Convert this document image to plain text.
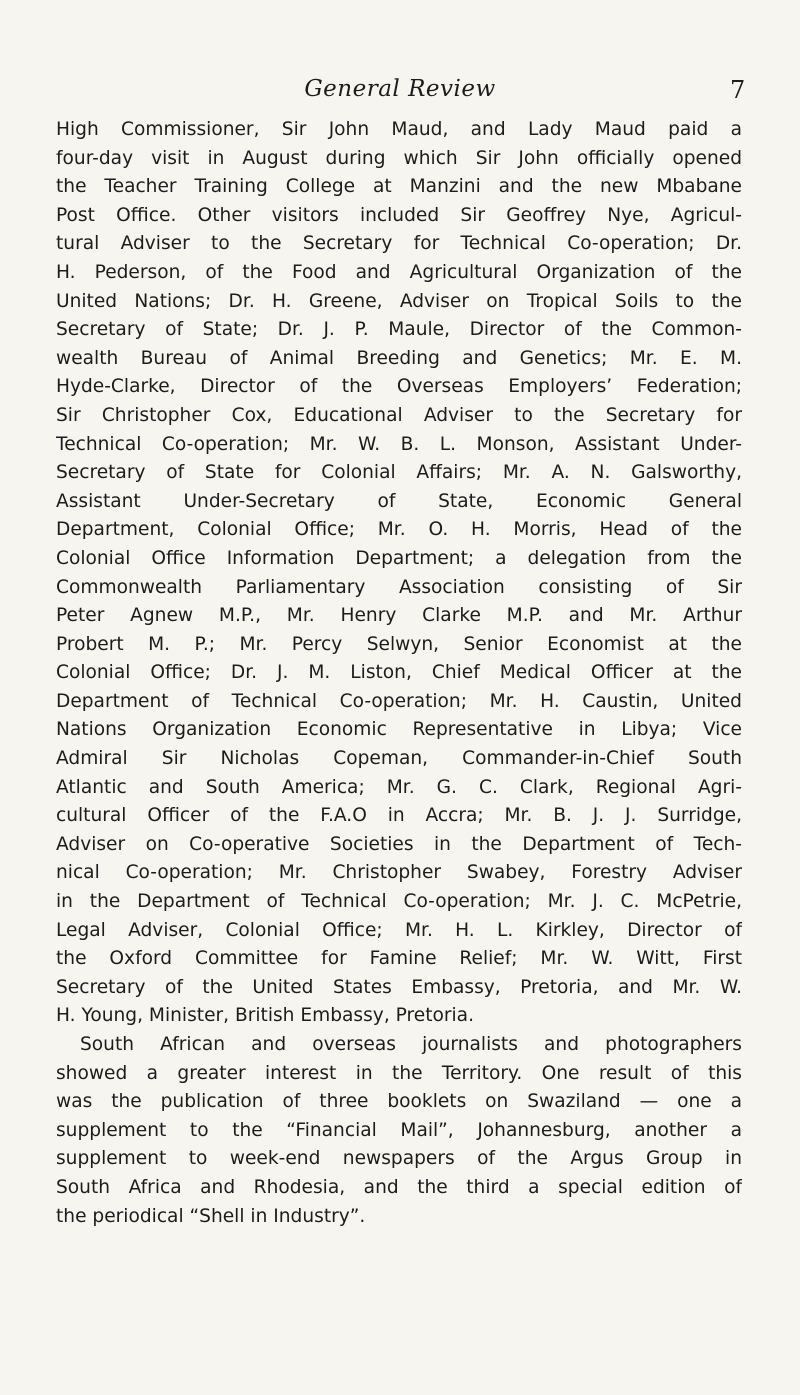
General Review	7
High Commissioner, Sir John Maud, and Lady Maud paid a
four-day visit in August during which Sir John officially opened
the Teacher Training College at Manzini and the new Mbabane
Post Office. Other visitors included Sir Geoffrey Nye, Agricul-
tural Adviser to the Secretary for Technical Co-operation; Dr.
H. Pederson, of the Food and Agricultural Organization of the
United Nations; Dr. H. Greene, Adviser on Tropical Soils to the
Secretary of State; Dr. J. P. Maule, Director of the Common-
wealth Bureau of Animal Breeding and Genetics; Mr. E. M.
Hyde-Clarke, Director of the Overseas Employers’ Federation;
Sir Christopher Cox, Educational Adviser to the Secretary for
Technical Co-operation; Mr. W. B. L. Monson, Assistant Under-
Secretary of State for Colonial Affairs; Mr. A. N. Galsworthy,
Assistant Under-Secretary of State, Economic General
Department, Colonial Office; Mr. O. H. Morris, Head of the
Colonial Office Information Department; a delegation from the
Commonwealth Parliamentary Association consisting of Sir
Peter Agnew M.P., Mr. Henry Clarke M.P. and Mr. Arthur
Probert M. P.; Mr. Percy Selwyn, Senior Economist at the
Colonial Office; Dr. J. M. Liston, Chief Medical Officer at the
Department of Technical Co-operation; Mr. H. Caustin, United
Nations Organization Economic Representative in Libya; Vice
Admiral Sir Nicholas Copeman, Commander-in-Chief South
Atlantic and South America; Mr. G. C. Clark, Regional Agri-
cultural Officer of the F.A.O in Accra; Mr. B. J. J. Surridge,
Adviser on Co-operative Societies in the Department of Tech-
nical Co-operation; Mr. Christopher Swabey, Forestry Adviser
in the Department of Technical Co-operation; Mr. J. C. McPetrie,
Legal Adviser, Colonial Office; Mr. H. L. Kirkley, Director of
the Oxford Committee for Famine Relief; Mr. W. Witt, First
Secretary of the United States Embassy, Pretoria, and Mr. W.
H. Young, Minister, British Embassy, Pretoria.
South African and overseas journalists and photographers
showed a greater interest in the Territory. One result of this
was the publication of three booklets on Swaziland — one a
supplement to the “Financial Mail”, Johannesburg, another a
supplement to week-end newspapers of the Argus Group in
South Africa and Rhodesia, and the third a special edition of
the periodical “Shell in Industry”.
